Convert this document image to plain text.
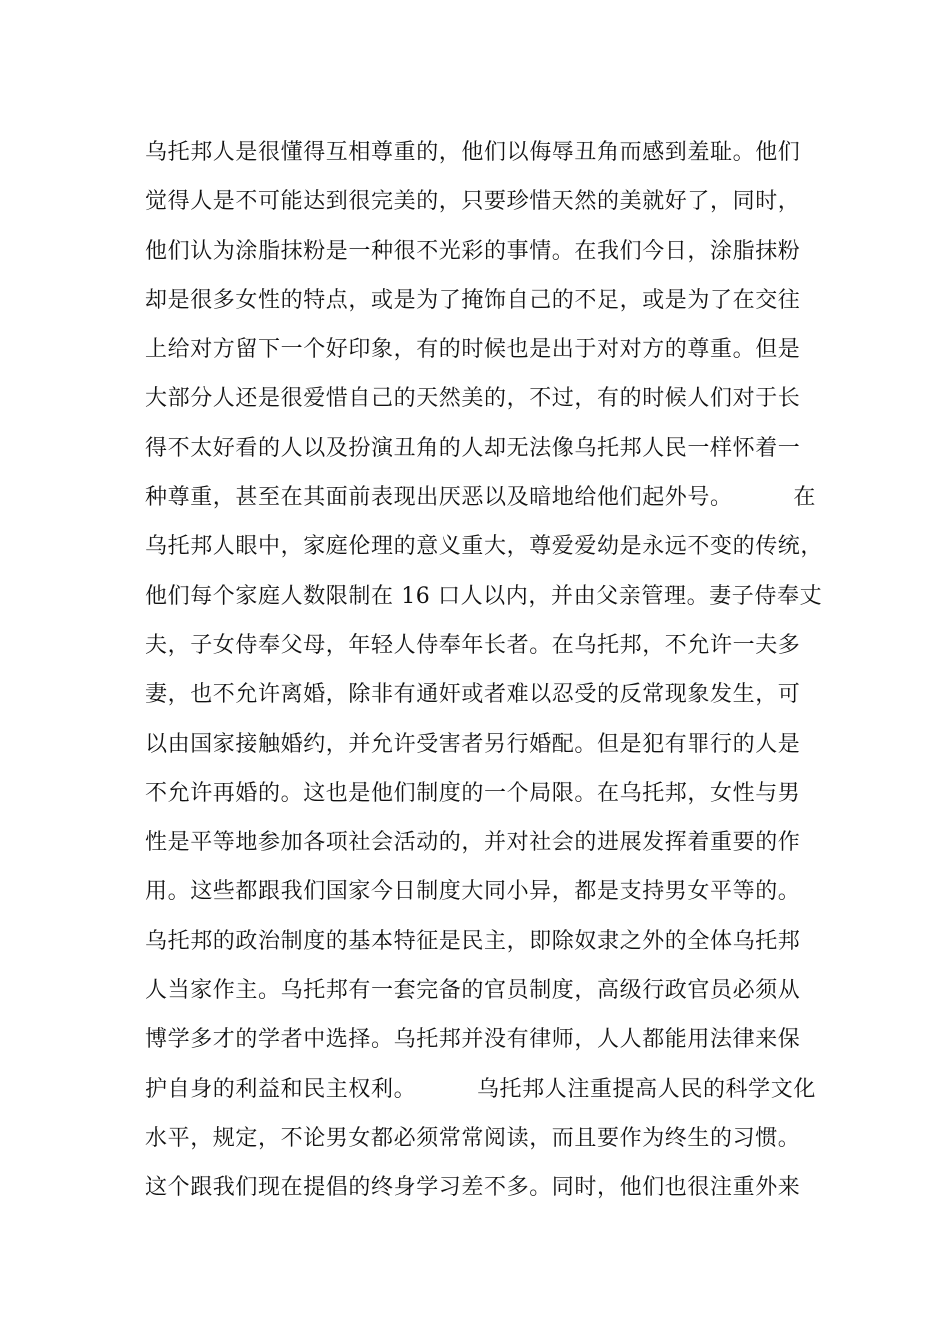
乌托邦人是很懂得互相尊重的，他们以侮辱丑角而感到羞耻。他们
觉得人是不可能达到很完美的，只要珍惜天然的美就好了，同时，
他们认为涂脂抹粉是一种很不光彩的事情。在我们今日，涂脂抹粉
却是很多女性的特点，或是为了掩饰自己的不足，或是为了在交往
上给对方留下一个好印象，有的时候也是出于对对方的尊重。但是
大部分人还是很爱惜自己的天然美的，不过，有的时候人们对于长
得不太好看的人以及扮演丑角的人却无法像乌托邦人民一样怀着一
种尊重，甚至在其面前表现出厌恶以及暗地给他们起外号。        在
乌托邦人眼中，家庭伦理的意义重大，尊爱爱幼是永远不变的传统，
他们每个家庭人数限制在 16 口人以内，并由父亲管理。妻子侍奉丈
夫，子女侍奉父母，年轻人侍奉年长者。在乌托邦，不允许一夫多
妻，也不允许离婚，除非有通奸或者难以忍受的反常现象发生，可
以由国家接触婚约，并允许受害者另行婚配。但是犯有罪行的人是
不允许再婚的。这也是他们制度的一个局限。在乌托邦，女性与男
性是平等地参加各项社会活动的，并对社会的进展发挥着重要的作
用。这些都跟我们国家今日制度大同小异，都是支持男女平等的。
乌托邦的政治制度的基本特征是民主，即除奴隶之外的全体乌托邦
人当家作主。乌托邦有一套完备的官员制度，高级行政官员必须从
博学多才的学者中选择。乌托邦并没有律师，人人都能用法律来保
护自身的利益和民主权利。        乌托邦人注重提高人民的科学文化
水平，规定，不论男女都必须常常阅读，而且要作为终生的习惯。
这个跟我们现在提倡的终身学习差不多。同时，他们也很注重外来
